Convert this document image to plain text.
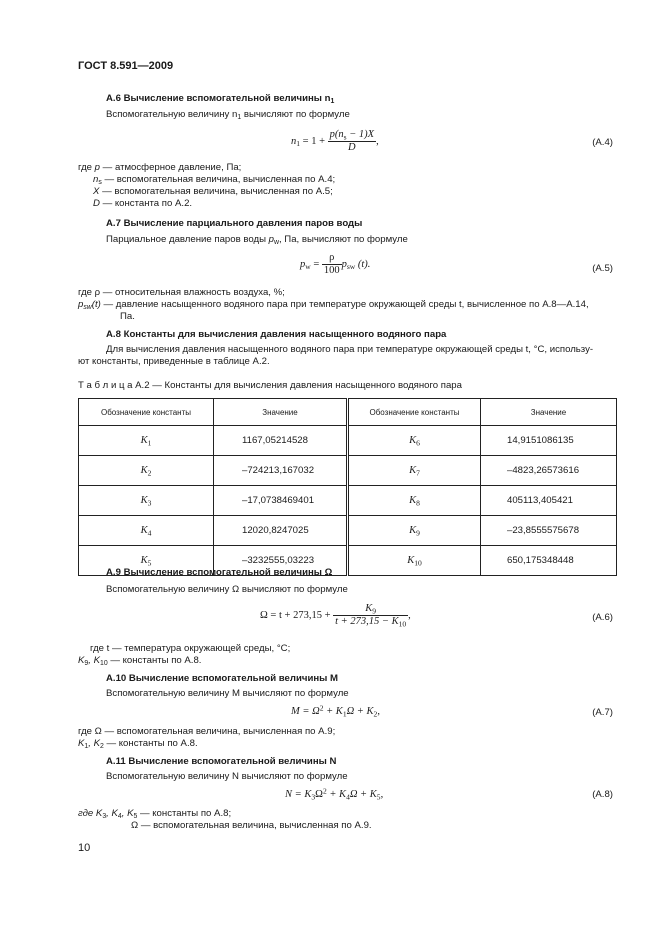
ГОСТ 8.591—2009
А.6 Вычисление вспомогательной величины $n_1$
Вспомогательную величину $n_1$ вычисляют по формуле
$n_1 = 1 + \frac{p(n_s - 1)X}{D}$ ,	(А.4)
где p — атмосферное давление, Па;
$n_s$ — вспомогательная величина, вычисленная по А.4;
X — вспомогательная величина, вычисленная по А.5;
D — константа по А.2.
А.7 Вычисление парциального давления паров воды
Парциальное давление паров воды $p_w$, Па, вычисляют по формуле
$p_w = \frac{\rho}{100} p_{sw}$ (t).	(А.5)
где ρ — относительная влажность воздуха, %;
$p_{sw}(t)$ — давление насыщенного водяного пара при температуре окружающей среды t, вычисленное по А.8—А.14,
Па.
А.8 Константы для вычисления давления насыщенного водяного пара
Для вычисления давления насыщенного водяного пара при температуре окружающей среды t, °С, использу-
ют константы, приведенные в таблице А.2.
Т а б л и ц а А.2 — Константы для вычисления давления насыщенного водяного пара
Обозначение константы	Значение	Обозначение константы	Значение
$K_1$	1167,05214528	$K_6$	14,9151086135
$K_2$	–724213,167032	$K_7$	–4823,26573616
$K_3$	–17,0738469401	$K_8$	405113,405421
$K_4$	12020,8247025	$K_9$	–23,8555575678
$K_5$	–3232555,03223	$K_{10}$	650,175348448
А.9 Вычисление вспомогательной величины Ω
Вспомогательную величину Ω вычисляют по формуле
$\Omega = t + 273,15 + \frac{K_9}{t + 273,15 - K_{10}}$ ,	(А.6)
где t — температура окружающей среды, °С;
$K_9$, $K_{10}$ — константы по А.8.
А.10 Вычисление вспомогательной величины M
Вспомогательную величину M вычисляют по формуле
$M = \Omega^2 + K_1\Omega + K_2$,	(А.7)
где Ω — вспомогательная величина, вычисленная по А.9;
$K_1$, $K_2$ — константы по А.8.
А.11 Вычисление вспомогательной величины N
Вспомогательную величину N вычисляют по формуле
$N = K_3\Omega^2 + K_4\Omega + K_5$,	(А.8)
где $K_3$, $K_4$, $K_5$ — константы по А.8;
Ω — вспомогательная величина, вычисленная по А.9.
10
